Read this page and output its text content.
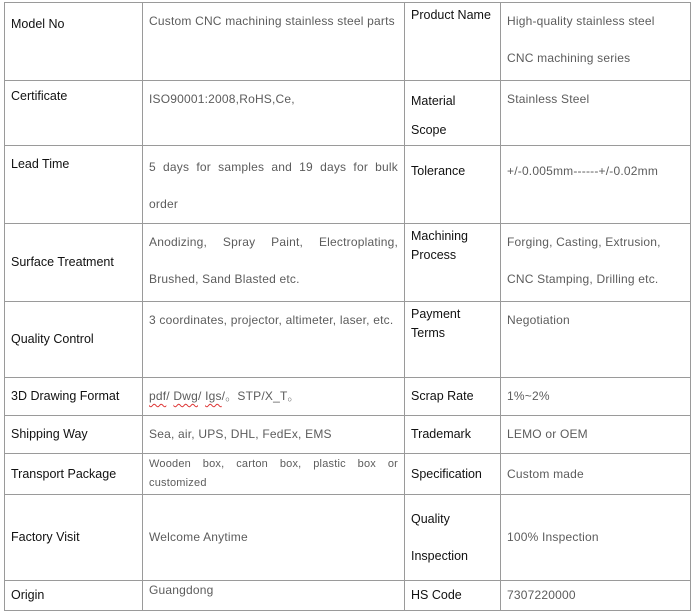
Model No	Custom CNC machining stainless steel parts	Product Name	High-quality stainless steel CNC machining series
Certificate	ISO90001:2008,RoHS,Ce,	Material Scope	Stainless Steel
Lead Time	5 days for samples and 19 days for bulk order	Tolerance	+/-0.005mm------+/-0.02mm
Surface Treatment	Anodizing, Spray Paint, Electroplating, Brushed, Sand Blasted etc.	Machining Process	Forging, Casting, Extrusion, CNC Stamping, Drilling etc.
Quality Control	3 coordinates, projector, altimeter, laser, etc.	Payment Terms	Negotiation
3D Drawing Format	pdf/ Dwg/ Igs/。STP/X_T。	Scrap Rate	1%~2%
Shipping Way	Sea, air, UPS, DHL, FedEx, EMS	Trademark	LEMO or OEM
Transport Package	Wooden box, carton box, plastic box or customized	Specification	Custom made
Factory Visit	Welcome Anytime	Quality Inspection	100% Inspection
Origin	Guangdong	HS Code	7307220000
